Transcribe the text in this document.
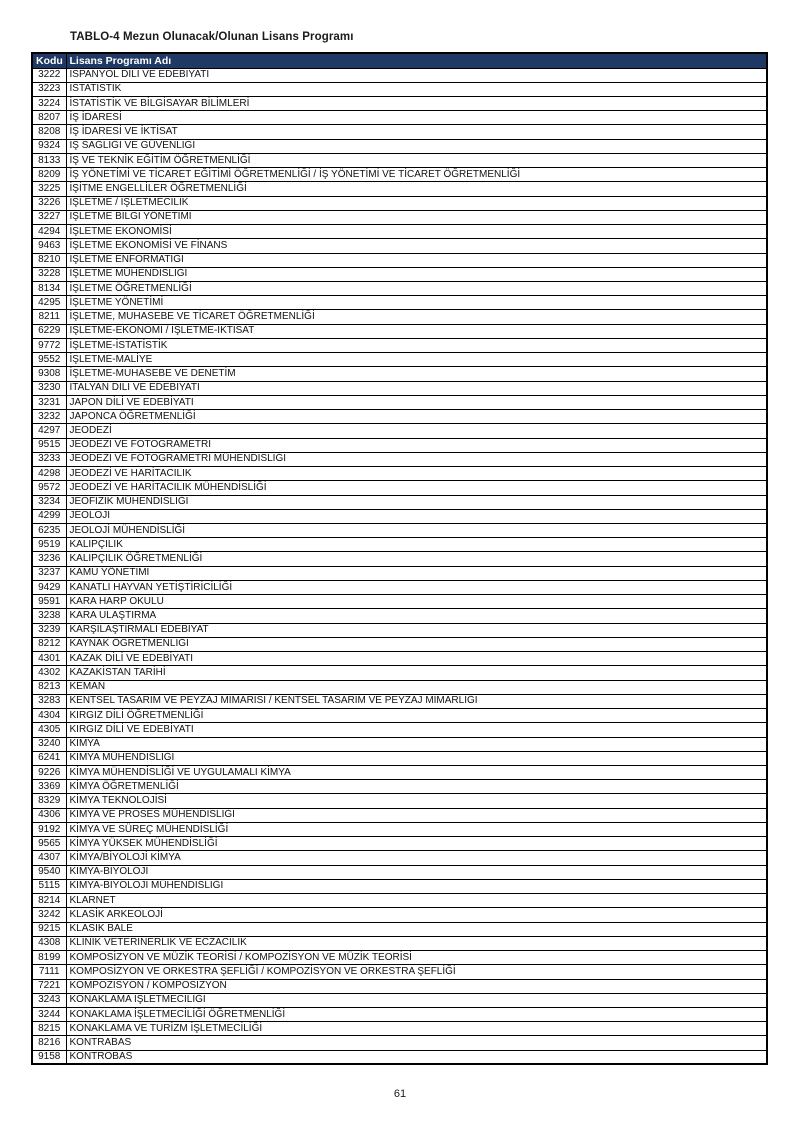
TABLO-4 Mezun Olunacak/Olunan Lisans Programı
Kodu	Lisans Programı Adı
3222	İSPANYOL DİLİ VE EDEBİYATI
3223	İSTATİSTİK
3224	İSTATİSTİK VE BİLGİSAYAR BİLİMLERİ
8207	İŞ İDARESİ
8208	İŞ İDARESİ VE İKTİSAT
9324	İŞ SAĞLIĞI VE GÜVENLİĞİ
8133	İŞ VE TEKNİK EĞİTİM ÖĞRETMENLİĞİ
8209	İŞ YÖNETİMİ VE TİCARET EĞİTİMİ ÖĞRETMENLİĞİ / İŞ YÖNETİMİ VE TİCARET ÖĞRETMENLİĞİ
3225	İŞİTME ENGELLİLER ÖĞRETMENLİĞİ
3226	İŞLETME / İŞLETMECİLİK
3227	İŞLETME BİLGİ YÖNETİMİ
4294	İŞLETME EKONOMİSİ
9463	İŞLETME EKONOMİSİ VE FİNANS
8210	İŞLETME ENFORMATİĞİ
3228	İŞLETME MÜHENDİSLİĞİ
8134	İŞLETME ÖĞRETMENLİĞİ
4295	İŞLETME YÖNETİMİ
8211	İŞLETME, MUHASEBE VE TİCARET ÖĞRETMENLİĞİ
6229	İŞLETME-EKONOMİ / İŞLETME-İKTİSAT
9772	İŞLETME-İSTATİSTİK
9552	İŞLETME-MALİYE
9308	İŞLETME-MUHASEBE VE DENETİM
3230	İTALYAN DİLİ VE EDEBİYATI
3231	JAPON DİLİ VE EDEBİYATI
3232	JAPONCA ÖĞRETMENLİĞİ
4297	JEODEZİ
9515	JEODEZİ VE FOTOGRAMETRİ
3233	JEODEZİ VE FOTOGRAMETRİ MÜHENDİSLİĞİ
4298	JEODEZİ VE HARİTACILIK
9572	JEODEZİ VE HARİTACILIK MÜHENDİSLİĞİ
3234	JEOFİZİK MÜHENDİSLİĞİ
4299	JEOLOJİ
6235	JEOLOJİ MÜHENDİSLİĞİ
9519	KALIPÇILIK
3236	KALIPÇILIK ÖĞRETMENLİĞİ
3237	KAMU YÖNETİMİ
9429	KANATLI HAYVAN YETİŞTİRİCİLİĞİ
9591	KARA HARP OKULU
3238	KARA ULAŞTIRMA
3239	KARŞILAŞTIRMALI EDEBİYAT
8212	KAYNAK ÖĞRETMENLİĞİ
4301	KAZAK DİLİ VE EDEBİYATI
4302	KAZAKİSTAN TARİHİ
8213	KEMAN
3283	KENTSEL TASARIM VE PEYZAJ MİMARİSİ / KENTSEL TASARIM VE PEYZAJ MİMARLIĞI
4304	KIRGIZ DİLİ ÖĞRETMENLİĞİ
4305	KIRGIZ DİLİ VE EDEBİYATI
3240	KİMYA
6241	KİMYA MÜHENDİSLİĞİ
9226	KİMYA MÜHENDİSLİĞİ VE UYGULAMALI KİMYA
3369	KİMYA ÖĞRETMENLİĞİ
8329	KİMYA TEKNOLOJİSİ
4306	KİMYA VE PROSES MÜHENDİSLİĞİ
9192	KİMYA VE SÜREÇ MÜHENDİSLİĞİ
9565	KİMYA YÜKSEK MÜHENDİSLİĞİ
4307	KİMYA/BİYOLOJİ KİMYA
9540	KİMYA-BİYOLOJİ
5115	KİMYA-BİYOLOJİ MÜHENDİSLİĞİ
8214	KLARNET
3242	KLASİK ARKEOLOJİ
9215	KLASİK BALE
4308	KLİNİK VETERİNERLİK VE ECZACILIK
8199	KOMPOSİZYON VE MÜZİK TEORİSİ / KOMPOZİSYON VE MÜZİK TEORİSİ
7111	KOMPOSİZYON VE ORKESTRA ŞEFLİĞİ / KOMPOZİSYON VE ORKESTRA ŞEFLİĞİ
7221	KOMPOZİSYON / KOMPOSİZYON
3243	KONAKLAMA İŞLETMECİLİĞİ
3244	KONAKLAMA İŞLETMECİLİĞİ ÖĞRETMENLİĞİ
8215	KONAKLAMA VE TURİZM İŞLETMECİLİĞİ
8216	KONTRABAS
9158	KONTROBAS
61
